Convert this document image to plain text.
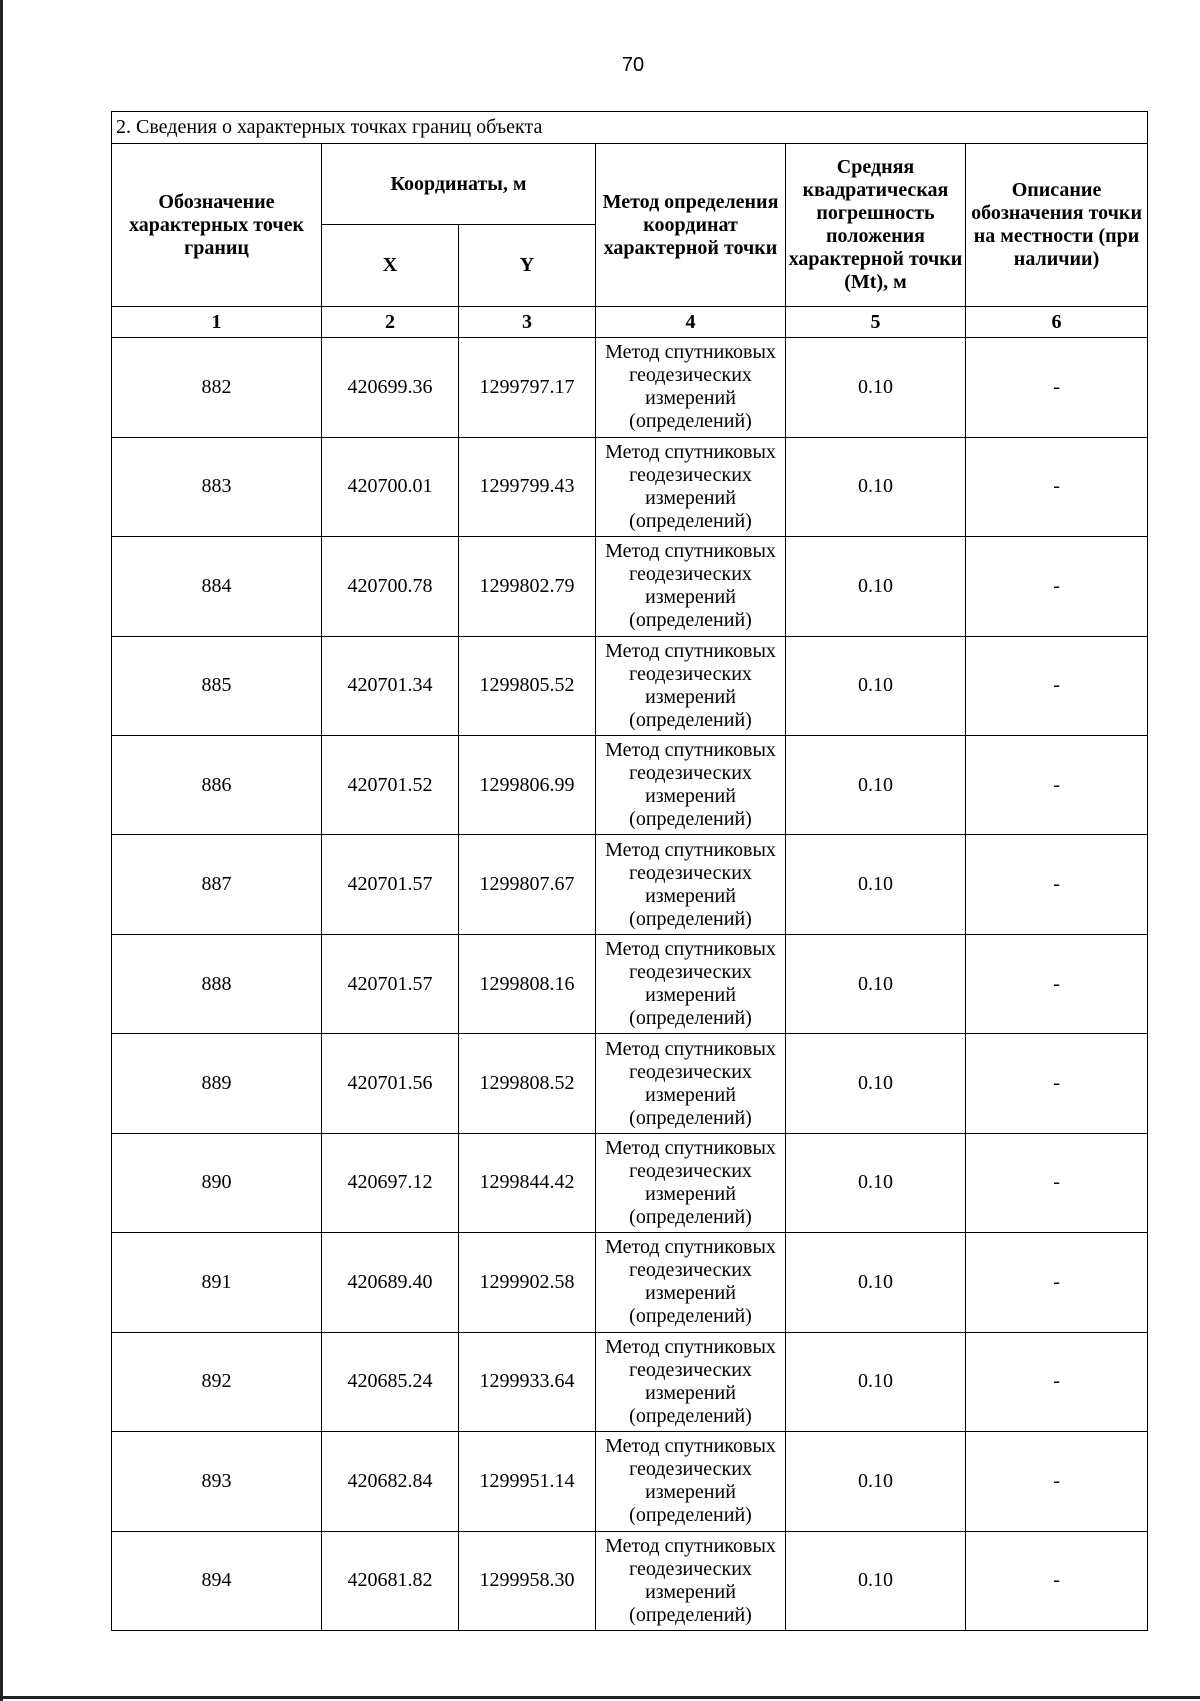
70
2. Сведения о характерных точках границ объекта					
Обозначение характерных точек границ	Координаты, м		Метод определения координат характерной точки	Средняя квадратическая погрешность положения характерной точки (Mt), м	Описание обозначения точки на местности (при наличии)
	X	Y			
1	2	3	4	5	6
882	420699.36	1299797.17	Метод спутниковых геодезических измерений (определений)	0.10	-
883	420700.01	1299799.43	Метод спутниковых геодезических измерений (определений)	0.10	-
884	420700.78	1299802.79	Метод спутниковых геодезических измерений (определений)	0.10	-
885	420701.34	1299805.52	Метод спутниковых геодезических измерений (определений)	0.10	-
886	420701.52	1299806.99	Метод спутниковых геодезических измерений (определений)	0.10	-
887	420701.57	1299807.67	Метод спутниковых геодезических измерений (определений)	0.10	-
888	420701.57	1299808.16	Метод спутниковых геодезических измерений (определений)	0.10	-
889	420701.56	1299808.52	Метод спутниковых геодезических измерений (определений)	0.10	-
890	420697.12	1299844.42	Метод спутниковых геодезических измерений (определений)	0.10	-
891	420689.40	1299902.58	Метод спутниковых геодезических измерений (определений)	0.10	-
892	420685.24	1299933.64	Метод спутниковых геодезических измерений (определений)	0.10	-
893	420682.84	1299951.14	Метод спутниковых геодезических измерений (определений)	0.10	-
894	420681.82	1299958.30	Метод спутниковых геодезических измерений (определений)	0.10	-
